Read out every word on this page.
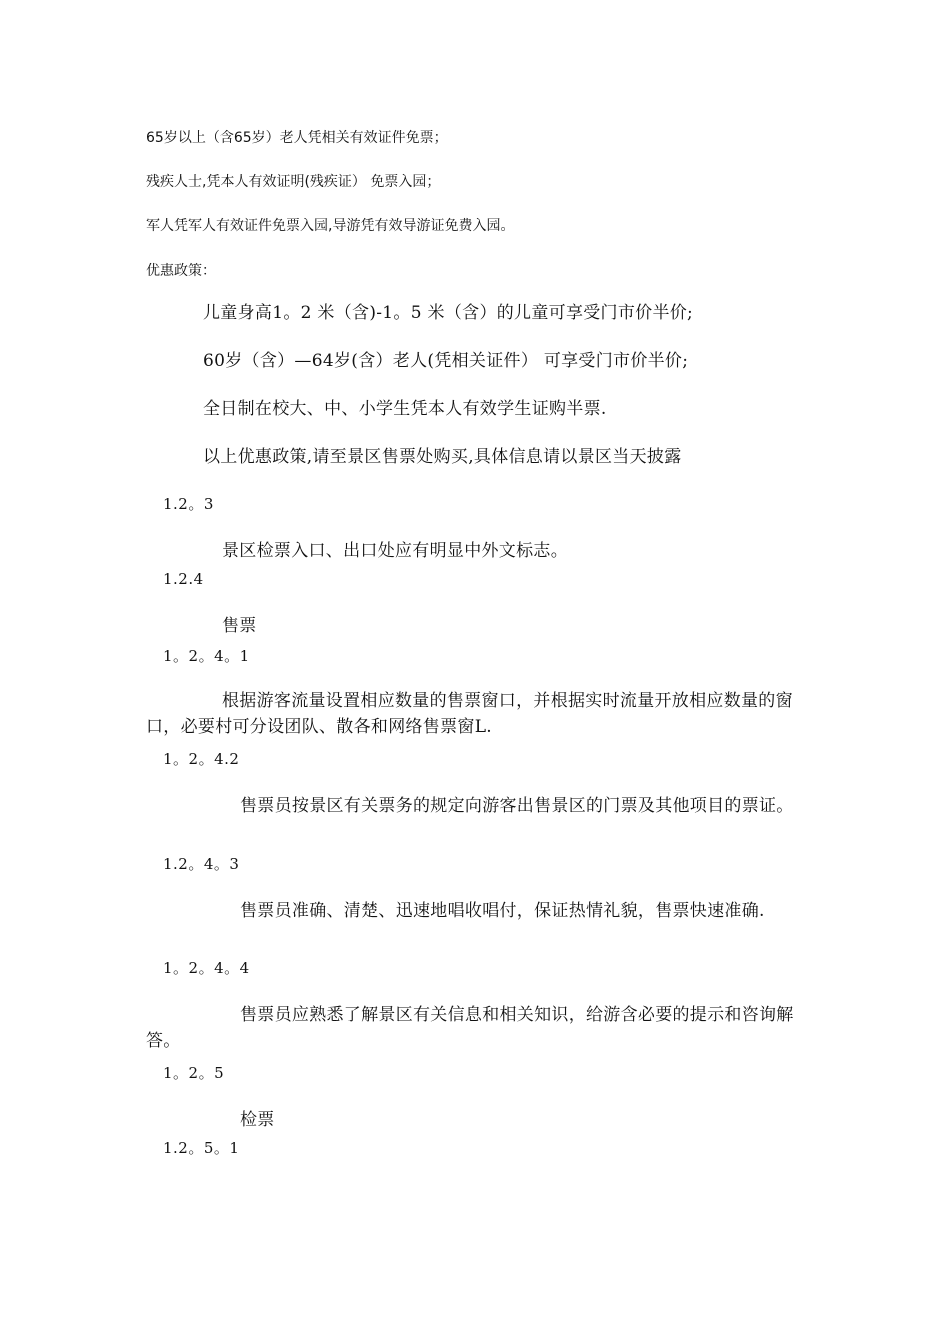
65岁以上（含65岁）老人凭相关有效证件免票；

残疾人士,凭本人有效证明(残疾证） 免票入园；

军人凭军人有效证件免票入园,导游凭有效导游证免费入园。

优惠政策：

儿童身高1。2 米（含)-1。5 米（含）的儿童可享受门市价半价;

60岁（含）—64岁(含）老人(凭相关证件） 可享受门市价半价;

全日制在校大、中、小学生凭本人有效学生证购半票.

以上优惠政策,请至景区售票处购买,具体信息请以景区当天披露

1.2。3

景区检票入口、出口处应有明显中外文标志。

1.2.4

售票

1。2。4。1

根据游客流量设置相应数量的售票窗口，并根据实时流量开放相应数量的窗口，必要村可分设团队、散各和网络售票窗L.

1。2。4.2

售票员按景区有关票务的规定向游客出售景区的门票及其他项目的票证。

1.2。4。3

售票员准确、清楚、迅速地唱收唱付，保证热情礼貌，售票快速准确.

1。2。4。4

售票员应熟悉了解景区有关信息和相关知识，给游含必要的提示和咨询解答。

1。2。5

检票

1.2。5。1
